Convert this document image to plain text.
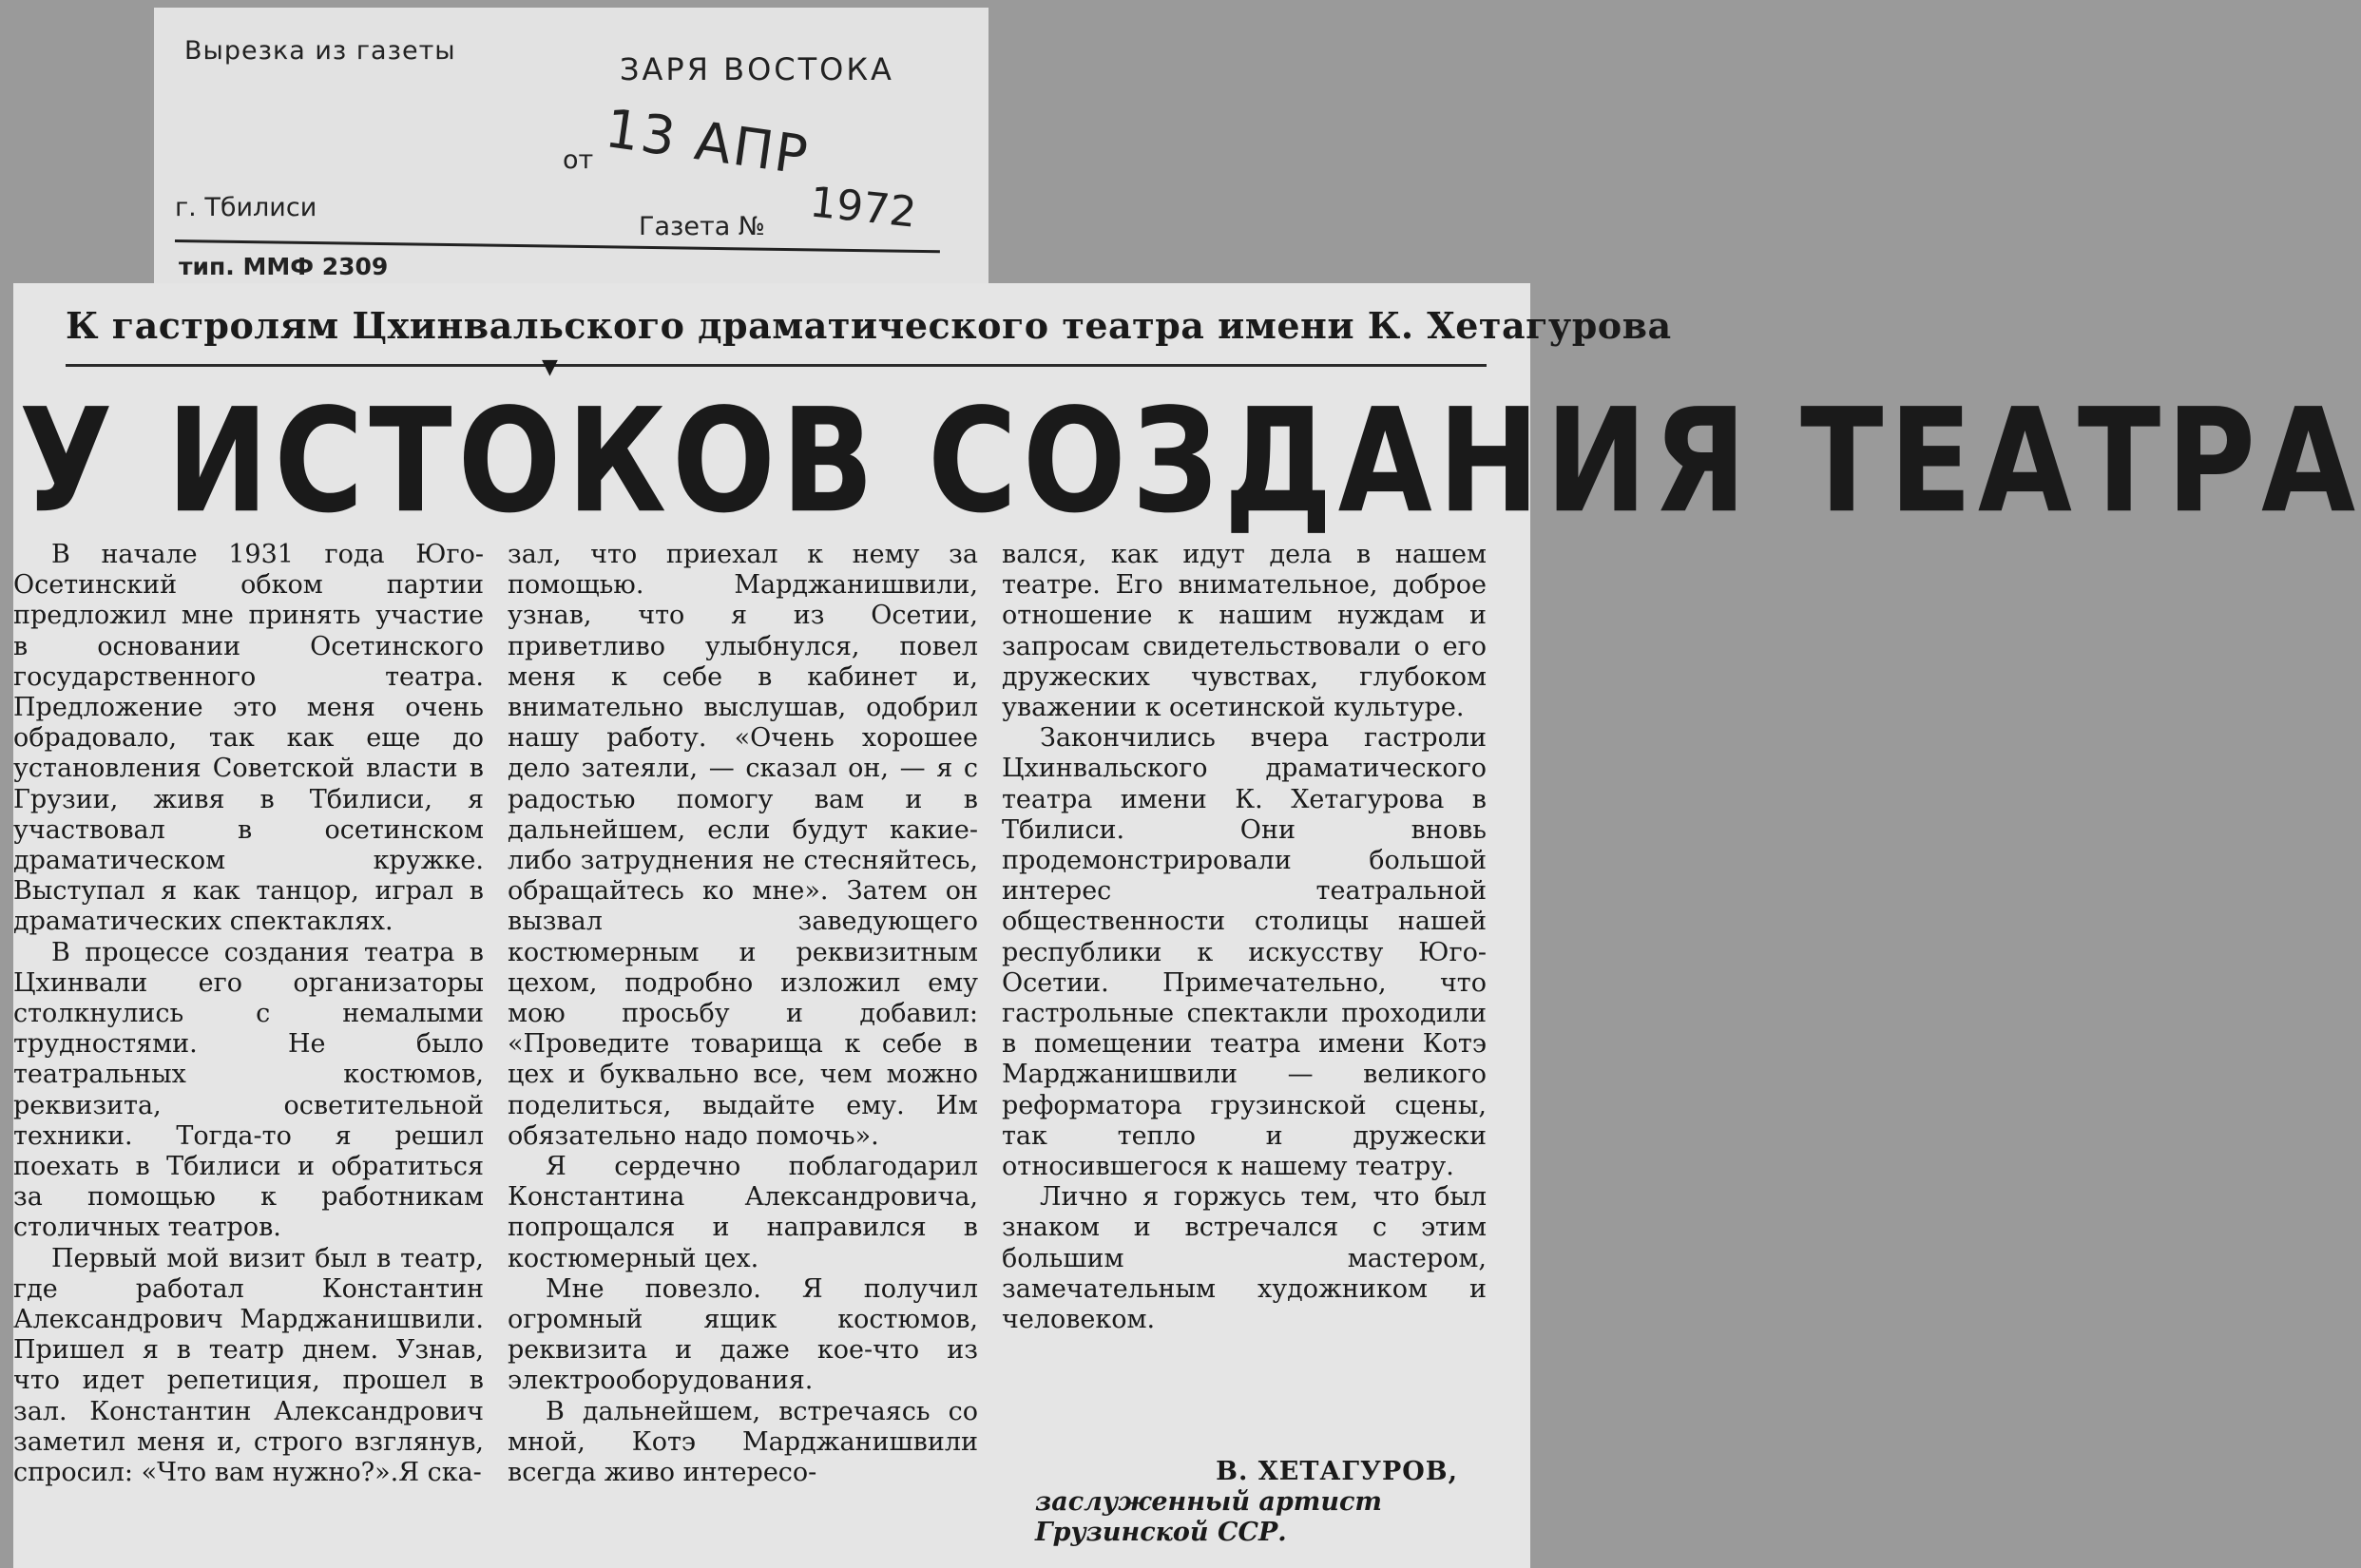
Вырезка из газеты
ЗАРЯ ВОСТОКА
от 13 АПР
г. Тбилиси
Газета № 1972
тип. ММФ 2309
К гастролям Цхинвальского драматического театра имени К. Хетагурова
▼
У ИСТОКОВ СОЗДАНИЯ ТЕАТРА

В начале 1931 года Юго-Осетинский обком партии предложил мне принять участие в основании Осетинского государственного театра. Предложение это меня очень обрадовало, так как еще до установления Советской власти в Грузии, живя в Тбилиси, я участвовал в осетинском драматическом кружке. Выступал я как танцор, играл в драматических спектаклях.

В процессе создания театра в Цхинвали его организаторы столкнулись с немалыми трудностями. Не было театральных костюмов, реквизита, осветительной техники. Тогда-то я решил поехать в Тбилиси и обратиться за помощью к работникам столичных театров.

Первый мой визит был в театр, где работал Константин Александрович Марджанишвили. Пришел я в театр днем. Узнав, что идет репетиция, прошел в зал. Константин Александрович заметил меня и, строго взглянув, спросил: «Что вам нужно?».Я ска-

зал, что приехал к нему за помощью. Марджанишвили, узнав, что я из Осетии, приветливо улыбнулся, повел меня к себе в кабинет и, внимательно выслушав, одобрил нашу работу. «Очень хорошее дело затеяли, — сказал он, — я с радостью помогу вам и в дальнейшем, если будут какие-либо затруднения не стесняйтесь, обращайтесь ко мне». Затем он вызвал заведующего костюмерным и реквизитным цехом, подробно изложил ему мою просьбу и добавил: «Проведите товарища к себе в цех и буквально все, чем можно поделиться, выдайте ему. Им обязательно надо помочь».

Я сердечно поблагодарил Константина Александровича, попрощался и направился в костюмерный цех.

Мне повезло. Я получил огромный ящик костюмов, реквизита и даже кое-что из электрооборудования.

В дальнейшем, встречаясь со мной, Котэ Марджанишвили всегда живо интересо-

вался, как идут дела в нашем театре. Его внимательное, доброе отношение к нашим нуждам и запросам свидетельствовали о его дружеских чувствах, глубоком уважении к осетинской культуре.

Закончились вчера гастроли Цхинвальского драматического театра имени К. Хетагурова в Тбилиси. Они вновь продемонстрировали большой интерес театральной общественности столицы нашей республики к искусству Юго-Осетии. Примечательно, что гастрольные спектакли проходили в помещении театра имени Котэ Марджанишвили — великого реформатора грузинской сцены, так тепло и дружески относившегося к нашему театру.

Лично я горжусь тем, что был знаком и встречался с этим большим мастером, замечательным художником и человеком.

В. ХЕТАГУРОВ,
заслуженный артист Грузинской ССР.
